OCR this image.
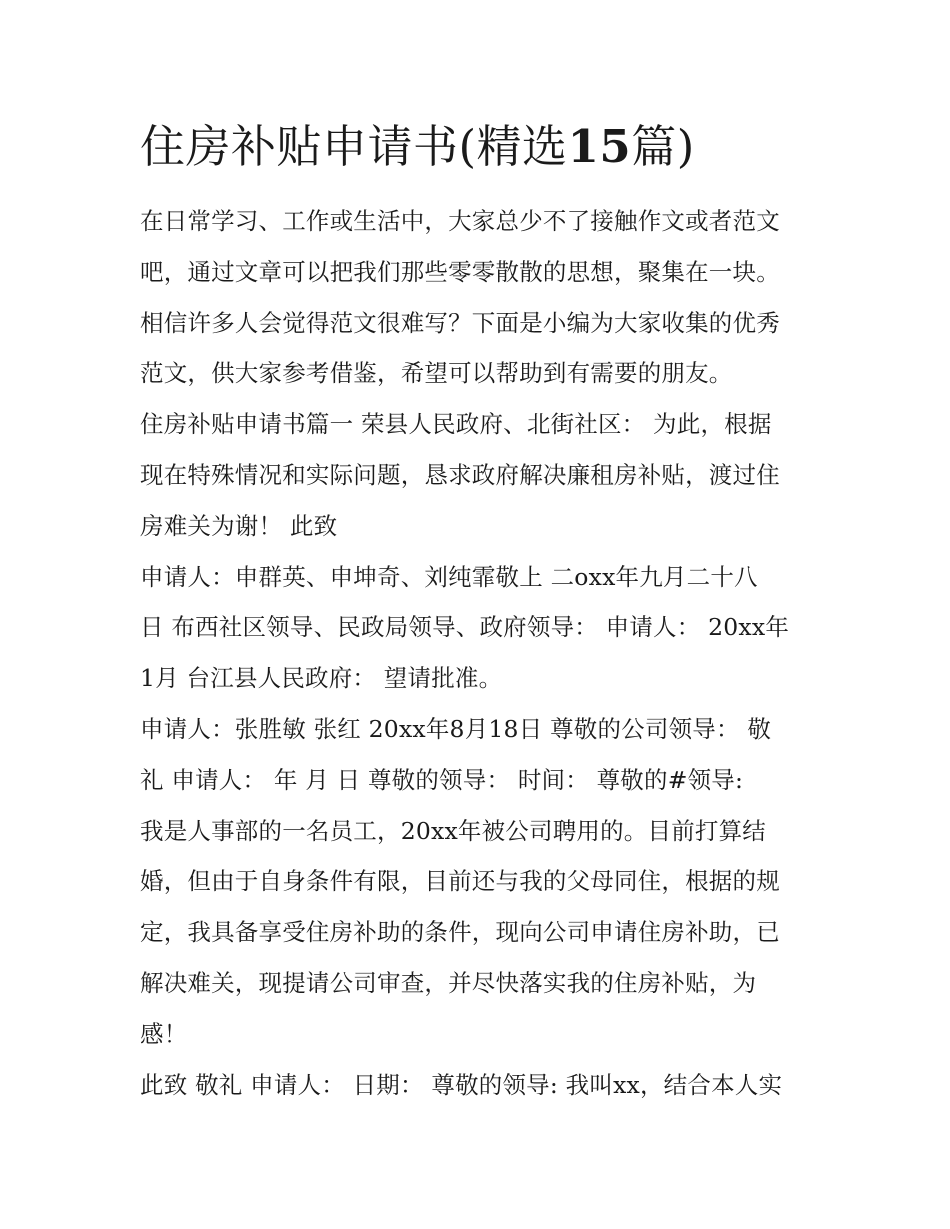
住房补贴申请书(精选15篇)
在日常学习、工作或生活中，大家总少不了接触作文或者范文
吧，通过文章可以把我们那些零零散散的思想，聚集在一块。
相信许多人会觉得范文很难写？下面是小编为大家收集的优秀
范文，供大家参考借鉴，希望可以帮助到有需要的朋友。
住房补贴申请书篇一 荣县人民政府、北街社区： 为此，根据
现在特殊情况和实际问题，恳求政府解决廉租房补贴，渡过住
房难关为谢！ 此致
申请人：申群英、申坤奇、刘纯霏敬上 二oxx年九月二十八
日 布西社区领导、民政局领导、政府领导： 申请人： 20xx年
1月 台江县人民政府： 望请批准。
申请人：张胜敏 张红 20xx年8月18日 尊敬的公司领导： 敬
礼 申请人： 年 月 日 尊敬的领导： 时间： 尊敬的#领导:
我是人事部的一名员工，20xx年被公司聘用的。目前打算结
婚，但由于自身条件有限，目前还与我的父母同住，根据的规
定，我具备享受住房补助的条件，现向公司申请住房补助，已
解决难关，现提请公司审查，并尽快落实我的住房补贴，为
感！
此致 敬礼 申请人： 日期： 尊敬的领导: 我叫xx，结合本人实
